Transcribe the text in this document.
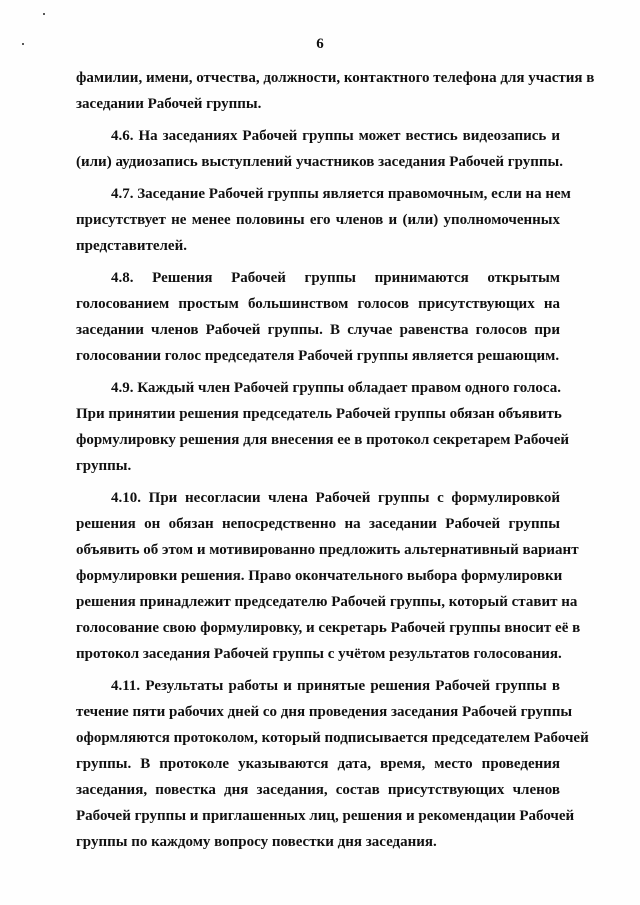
6
фамилии, имени, отчества, должности, контактного телефона для участия в
заседании Рабочей группы.
4.6. На заседаниях Рабочей группы может вестись видеозапись и
(или) аудиозапись выступлений участников заседания Рабочей группы.
4.7. Заседание Рабочей группы является правомочным, если на нем
присутствует не менее половины его членов и (или) уполномоченных
представителей.
4.8. Решения Рабочей группы принимаются открытым
голосованием простым большинством голосов присутствующих на
заседании членов Рабочей группы. В случае равенства голосов при
голосовании голос председателя Рабочей группы является решающим.
4.9. Каждый член Рабочей группы обладает правом одного голоса.
При принятии решения председатель Рабочей группы обязан объявить
формулировку решения для внесения ее в протокол секретарем Рабочей
группы.
4.10. При несогласии члена Рабочей группы с формулировкой
решения он обязан непосредственно на заседании Рабочей группы
объявить об этом и мотивированно предложить альтернативный вариант
формулировки решения. Право окончательного выбора формулировки
решения принадлежит председателю Рабочей группы, который ставит на
голосование свою формулировку, и секретарь Рабочей группы вносит её в
протокол заседания Рабочей группы с учётом результатов голосования.
4.11. Результаты работы и принятые решения Рабочей группы в
течение пяти рабочих дней со дня проведения заседания Рабочей группы
оформляются протоколом, который подписывается председателем Рабочей
группы. В протоколе указываются дата, время, место проведения
заседания, повестка дня заседания, состав присутствующих членов
Рабочей группы и приглашенных лиц, решения и рекомендации Рабочей
группы по каждому вопросу повестки дня заседания.
